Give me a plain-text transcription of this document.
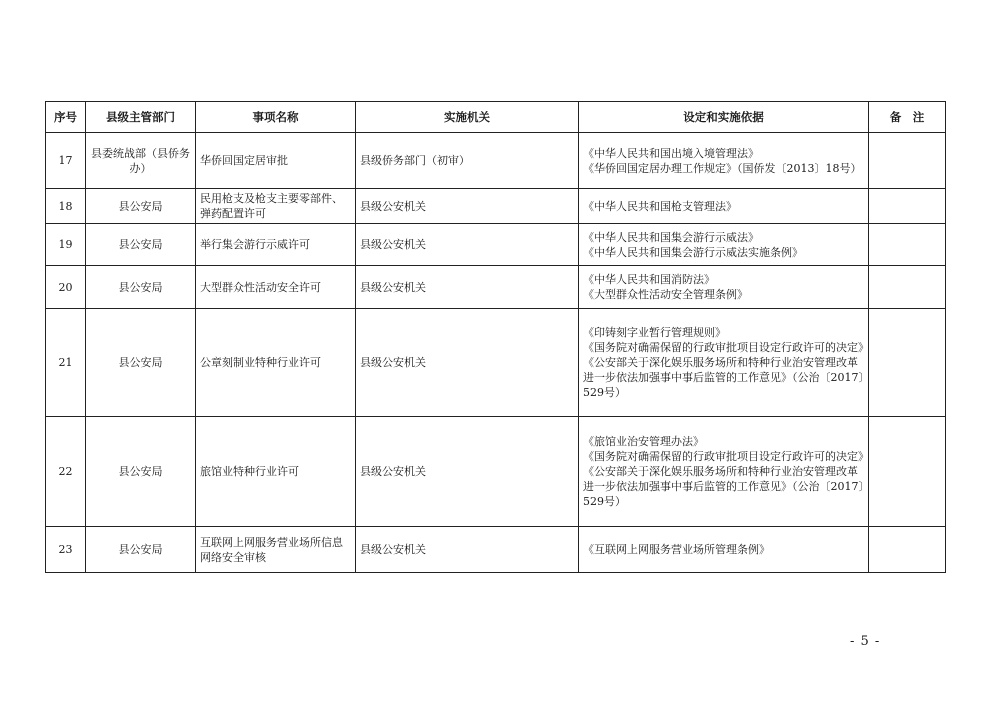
序号	县级主管部门	事项名称	实施机关	设定和实施依据	备　注
17	县委统战部（县侨务办）	华侨回国定居审批	县级侨务部门（初审）	《中华人民共和国出境入境管理法》
《华侨回国定居办理工作规定》（国侨发〔2013〕18号）	

18	县公安局	民用枪支及枪支主要零部件、弹药配置许可	县级公安机关	《中华人民共和国枪支管理法》	

19	县公安局	举行集会游行示威许可	县级公安机关	《中华人民共和国集会游行示威法》
《中华人民共和国集会游行示威法实施条例》	

20	县公安局	大型群众性活动安全许可	县级公安机关	《中华人民共和国消防法》
《大型群众性活动安全管理条例》	

21	县公安局	公章刻制业特种行业许可	县级公安机关	《印铸刻字业暂行管理规则》
《国务院对确需保留的行政审批项目设定行政许可的决定》
《公安部关于深化娱乐服务场所和特种行业治安管理改革进一步依法加强事中事后监管的工作意见》（公治〔2017〕529号）	

22	县公安局	旅馆业特种行业许可	县级公安机关	《旅馆业治安管理办法》
《国务院对确需保留的行政审批项目设定行政许可的决定》
《公安部关于深化娱乐服务场所和特种行业治安管理改革进一步依法加强事中事后监管的工作意见》（公治〔2017〕529号）	

23	县公安局	互联网上网服务营业场所信息网络安全审核	县级公安机关	《互联网上网服务营业场所管理条例》	

- 5 -
